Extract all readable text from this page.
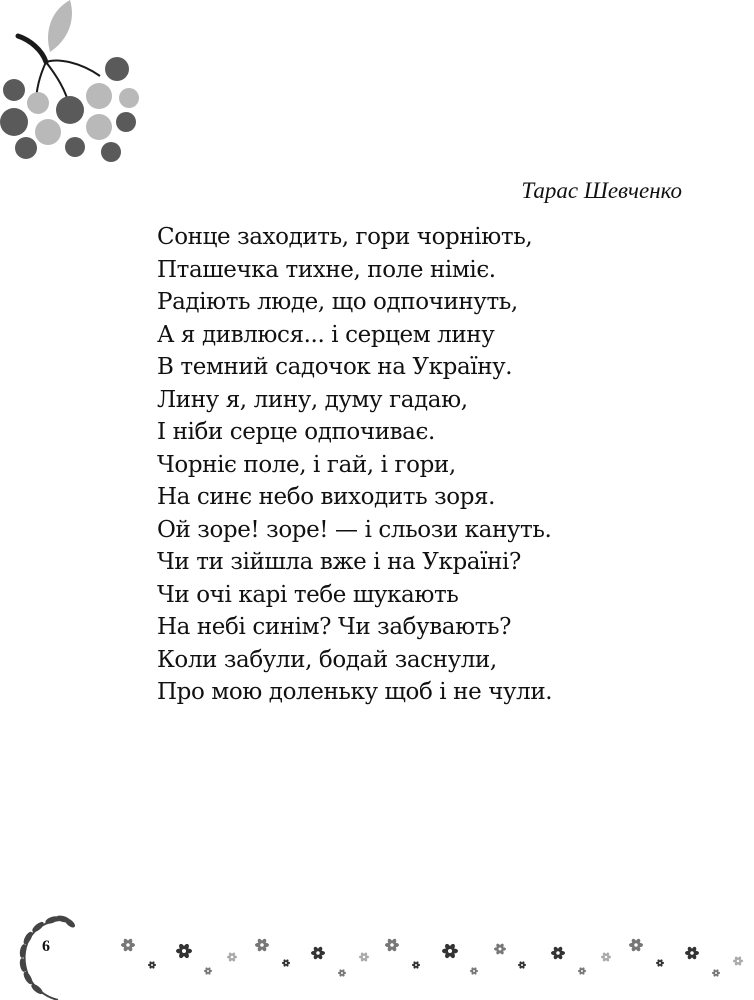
Тарас Шевченко
Сонце заходить, гори чорніють,
Пташечка тихне, поле німіє.
Радіють люде, що одпочинуть,
А я дивлюся... і серцем лину
В темний садочок на Україну.
Лину я, лину, думу гадаю,
І ніби серце одпочиває.
Чорніє поле, і гай, і гори,
На синє небо виходить зоря.
Ой зоре! зоре! — і сльози кануть.
Чи ти зійшла вже і на Україні?
Чи очі карі тебе шукають
На небі синім? Чи забувають?
Коли забули, бодай заснули,
Про мою доленьку щоб і не чули.
6
